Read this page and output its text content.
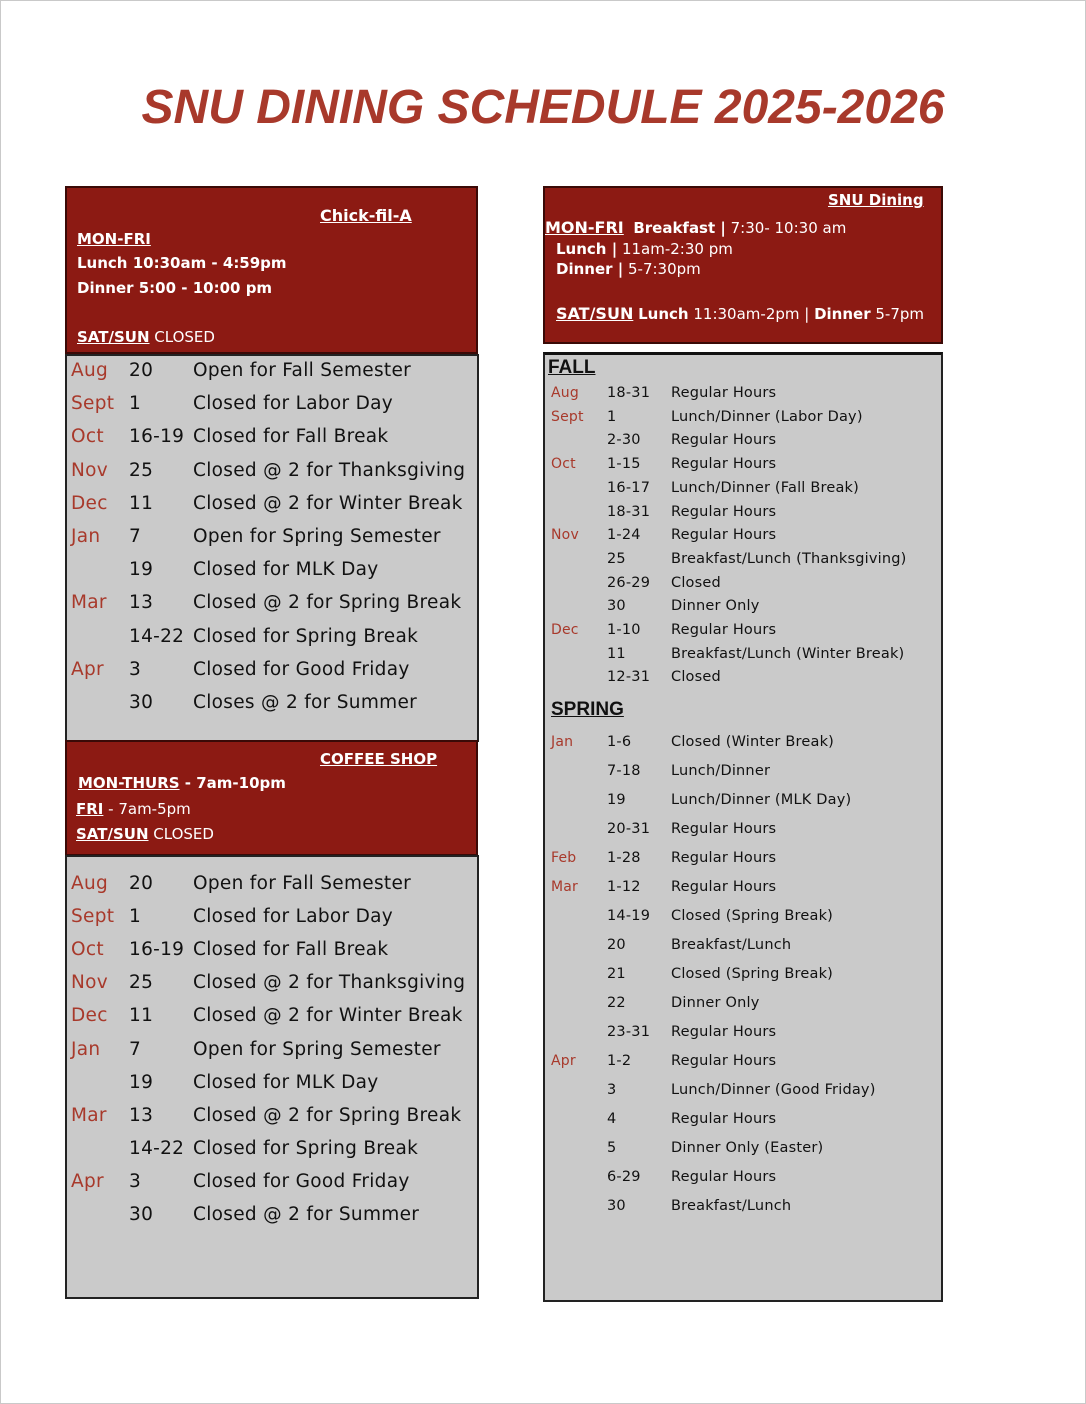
SNU DINING SCHEDULE 2025-2026
Chick-fil-A
MON-FRI
Lunch 10:30am - 4:59pm
Dinner 5:00 - 10:00 pm
SAT/SUN CLOSED
Aug 20 Open for Fall Semester
Sept 1	Closed for Labor Day
Oct 16-19 Closed for Fall Break
Nov 25 Closed @ 2 for Thanksgiving
Dec 11 Closed @ 2 for Winter Break
Jan 7	Open for Spring Semester
19 Closed for MLK Day
Mar 13 Closed @ 2 for Spring Break
14-22 Closed for Spring Break
Apr 3	Closed for Good Friday
30 Closes @ 2 for Summer
COFFEE SHOP
MON-THURS - 7am-10pm
FRI - 7am-5pm
SAT/SUN CLOSED
Aug 20 Open for Fall Semester
Sept 1	Closed for Labor Day
Oct 16-19 Closed for Fall Break
Nov 25 Closed @ 2 for Thanksgiving
Dec 11 Closed @ 2 for Winter Break
Jan 7	Open for Spring Semester
19 Closed for MLK Day
Mar 13 Closed @ 2 for Spring Break
14-22 Closed for Spring Break
Apr 3	Closed for Good Friday
30 Closed @ 2 for Summer
SNU Dining
MON-FRI Breakfast | 7:30- 10:30 am
Lunch | 11am-2:30 pm
Dinner | 5-7:30pm
SAT/SUN Lunch 11:30am-2pm | Dinner 5-7pm
FALL
SPRING
Aug 18-31 Regular Hours
Sept 1	Lunch/Dinner (Labor Day)
2-30 Regular Hours
Oct 1-15 Regular Hours
16-17 Lunch/Dinner (Fall Break)
18-31 Regular Hours
Nov 1-24 Regular Hours
25	Breakfast/Lunch (Thanksgiving)
26-29 Closed
30	Dinner Only
Dec 1-10 Regular Hours
11	Breakfast/Lunch (Winter Break)
12-31 Closed
Jan 1-6	Closed (Winter Break)
7-18 Lunch/Dinner
19	Lunch/Dinner (MLK Day)
20-31 Regular Hours
Feb 1-28 Regular Hours
Mar 1-12 Regular Hours
14-19 Closed (Spring Break)
20	Breakfast/Lunch
21	Closed (Spring Break)
22	Dinner Only
23-31 Regular Hours
Apr 1-2	Regular Hours
3	Lunch/Dinner (Good Friday)
4	Regular Hours
5	Dinner Only (Easter)
6-29 Regular Hours
30	Breakfast/Lunch
